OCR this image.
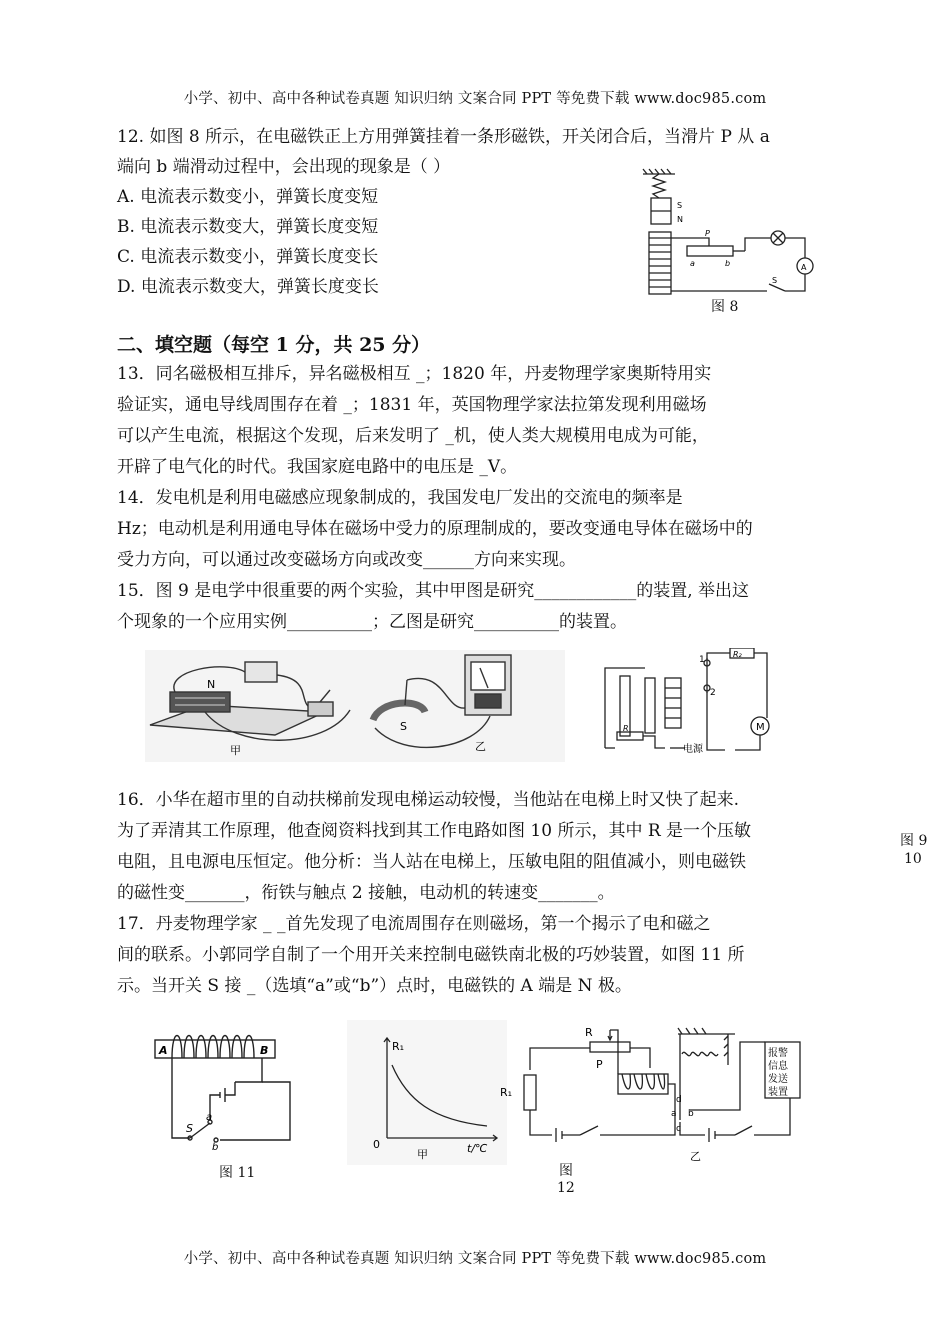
小学、初中、高中各种试卷真题 知识归纳 文案合同 PPT 等免费下载 www.doc985.com
12. 如图 8 所示，在电磁铁正上方用弹簧挂着一条形磁铁，开关闭合后，当滑片 P 从 a
端向 b 端滑动过程中，会出现的现象是（ ）
A. 电流表示数变小，弹簧长度变短
B. 电流表示数变大，弹簧长度变短
C. 电流表示数变小，弹簧长度变长
D. 电流表示数变大，弹簧长度变长
S
N
P
a	b
S
A
图 8
二、填空题（每空 1 分，共 25 分）
13．同名磁极相互排斥，异名磁极相互 _；1820 年，丹麦物理学家奥斯特用实
验证实，通电导线周围存在着 _；1831 年，英国物理学家法拉第发现利用磁场
可以产生电流，根据这个发现，后来发明了 _机，使人类大规模用电成为可能，
开辟了电气化的时代。我国家庭电路中的电压是 _V。
14．发电机是利用电磁感应现象制成的，我国发电厂发出的交流电的频率是
Hz；电动机是利用通电导体在磁场中受力的原理制成的，要改变通电导体在磁场中的
受力方向，可以通过改变磁场方向或改变______方向来实现。
15．图 9 是电学中很重要的两个实验，其中甲图是研究____________的装置, 举出这
个现象的一个应用实例__________；乙图是研究__________的装置。
N
S
甲	乙
1
2
R₂
R	M
电源
图 9
10
16．小华在超市里的自动扶梯前发现电梯运动较慢，当他站在电梯上时又快了起来.
为了弄清其工作原理，他查阅资料找到其工作电路如图 10 所示，其中 R 是一个压敏
电阻，且电源电压恒定。他分析：当人站在电梯上，压敏电阻的阻值减小，则电磁铁
的磁性变_______，衔铁与触点 2 接触，电动机的转速变_______。
17．丹麦物理学家 _ _首先发现了电流周围存在则磁场，第一个揭示了电和磁之
间的联系。小郭同学自制了一个用开关来控制电磁铁南北极的巧妙装置，如图 11 所
示。当开关 S 接 _（选填“a”或“b”）点时，电磁铁的 A 端是 N 极。
A	B
S
a
b
图 11
R₁
0	t/℃
甲
R
R₁
P
a b
c
d
乙
报警
信息
发送
装置
图
12
小学、初中、高中各种试卷真题 知识归纳 文案合同 PPT 等免费下载 www.doc985.com
